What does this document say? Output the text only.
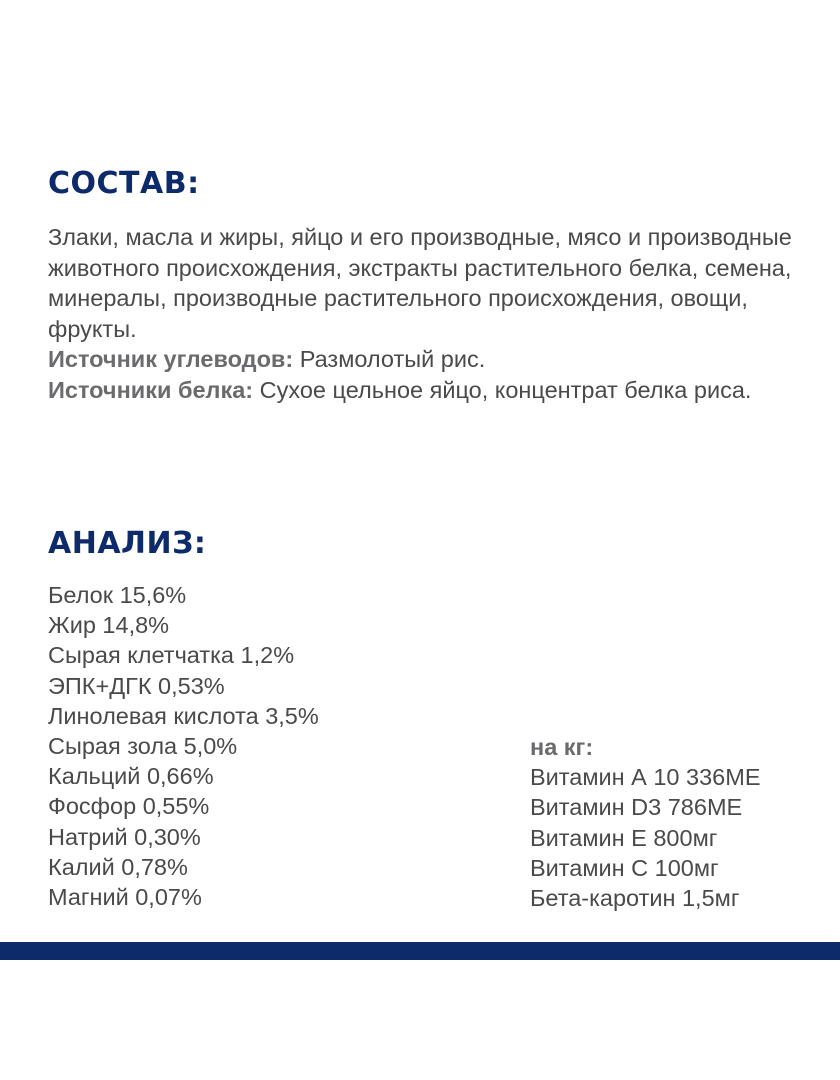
СОСТАВ:

Злаки, масла и жиры, яйцо и его производные, мясо и производные животного происхождения, экстракты растительного белка, семена, минералы, производные растительного происхождения, овощи, фрукты.

Источник углеводов: Размолотый рис.

Источники белка: Сухое цельное яйцо, концентрат белка риса.

АНАЛИЗ:
Белок 15,6%
Жир 14,8%
Сырая клетчатка 1,2%
ЭПК+ДГК 0,53%
Линолевая кислота 3,5%
Сырая зола 5,0%
Кальций 0,66%
Фосфор 0,55%
Натрий 0,30%
Калий 0,78%
Магний 0,07%

на кг:

Витамин А 10 336МЕ
Витамин D3 786МЕ
Витамин Е 800мг
Витамин С 100мг
Бета-каротин 1,5мг
